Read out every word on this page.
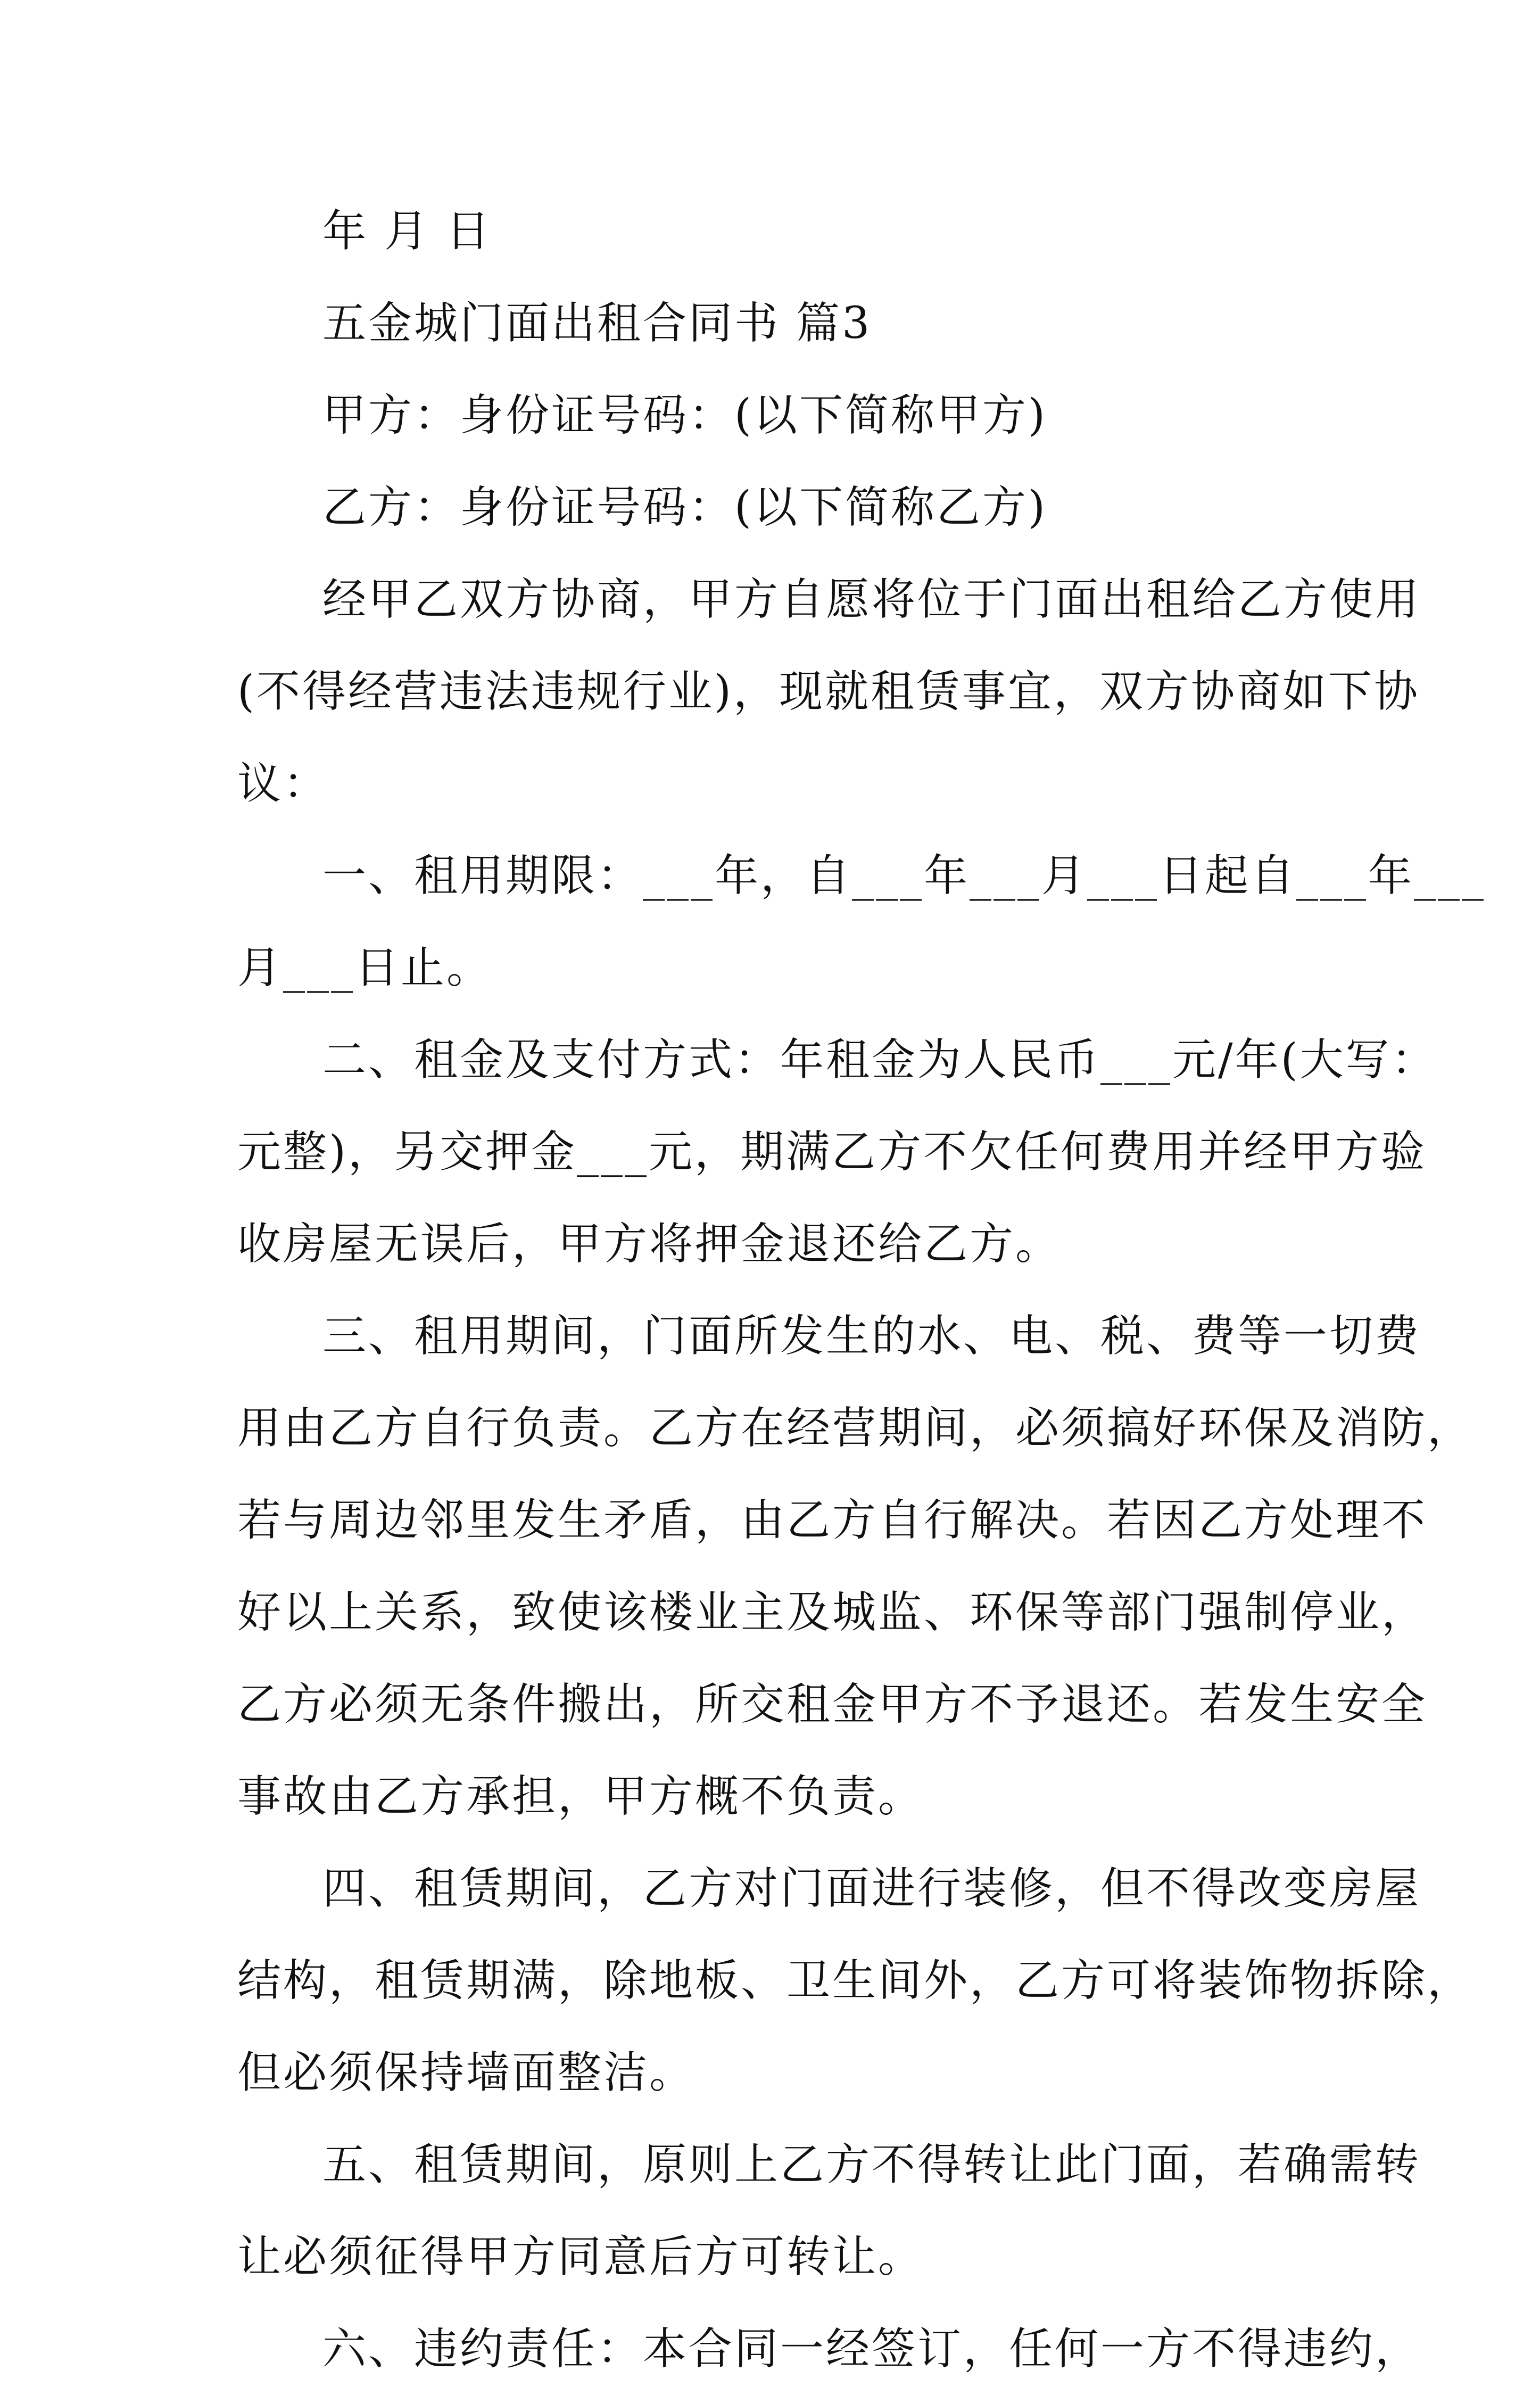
年 月 日

五金城门面出租合同书 篇3

甲方：身份证号码：(以下简称甲方)

乙方：身份证号码：(以下简称乙方)

经甲乙双方协商，甲方自愿将位于门面出租给乙方使用

(不得经营违法违规行业)，现就租赁事宜，双方协商如下协

议：

一、租用期限：___年，自___年___月___日起自___年___

月___日止。

二、租金及支付方式：年租金为人民币___元/年(大写：

元整)，另交押金___元，期满乙方不欠任何费用并经甲方验

收房屋无误后，甲方将押金退还给乙方。

三、租用期间，门面所发生的水、电、税、费等一切费

用由乙方自行负责。乙方在经营期间，必须搞好环保及消防，

若与周边邻里发生矛盾，由乙方自行解决。若因乙方处理不

好以上关系，致使该楼业主及城监、环保等部门强制停业，

乙方必须无条件搬出，所交租金甲方不予退还。若发生安全

事故由乙方承担，甲方概不负责。

四、租赁期间，乙方对门面进行装修，但不得改变房屋

结构，租赁期满，除地板、卫生间外，乙方可将装饰物拆除，

但必须保持墙面整洁。

五、租赁期间，原则上乙方不得转让此门面，若确需转

让必须征得甲方同意后方可转让。

六、违约责任：本合同一经签订，任何一方不得违约，
